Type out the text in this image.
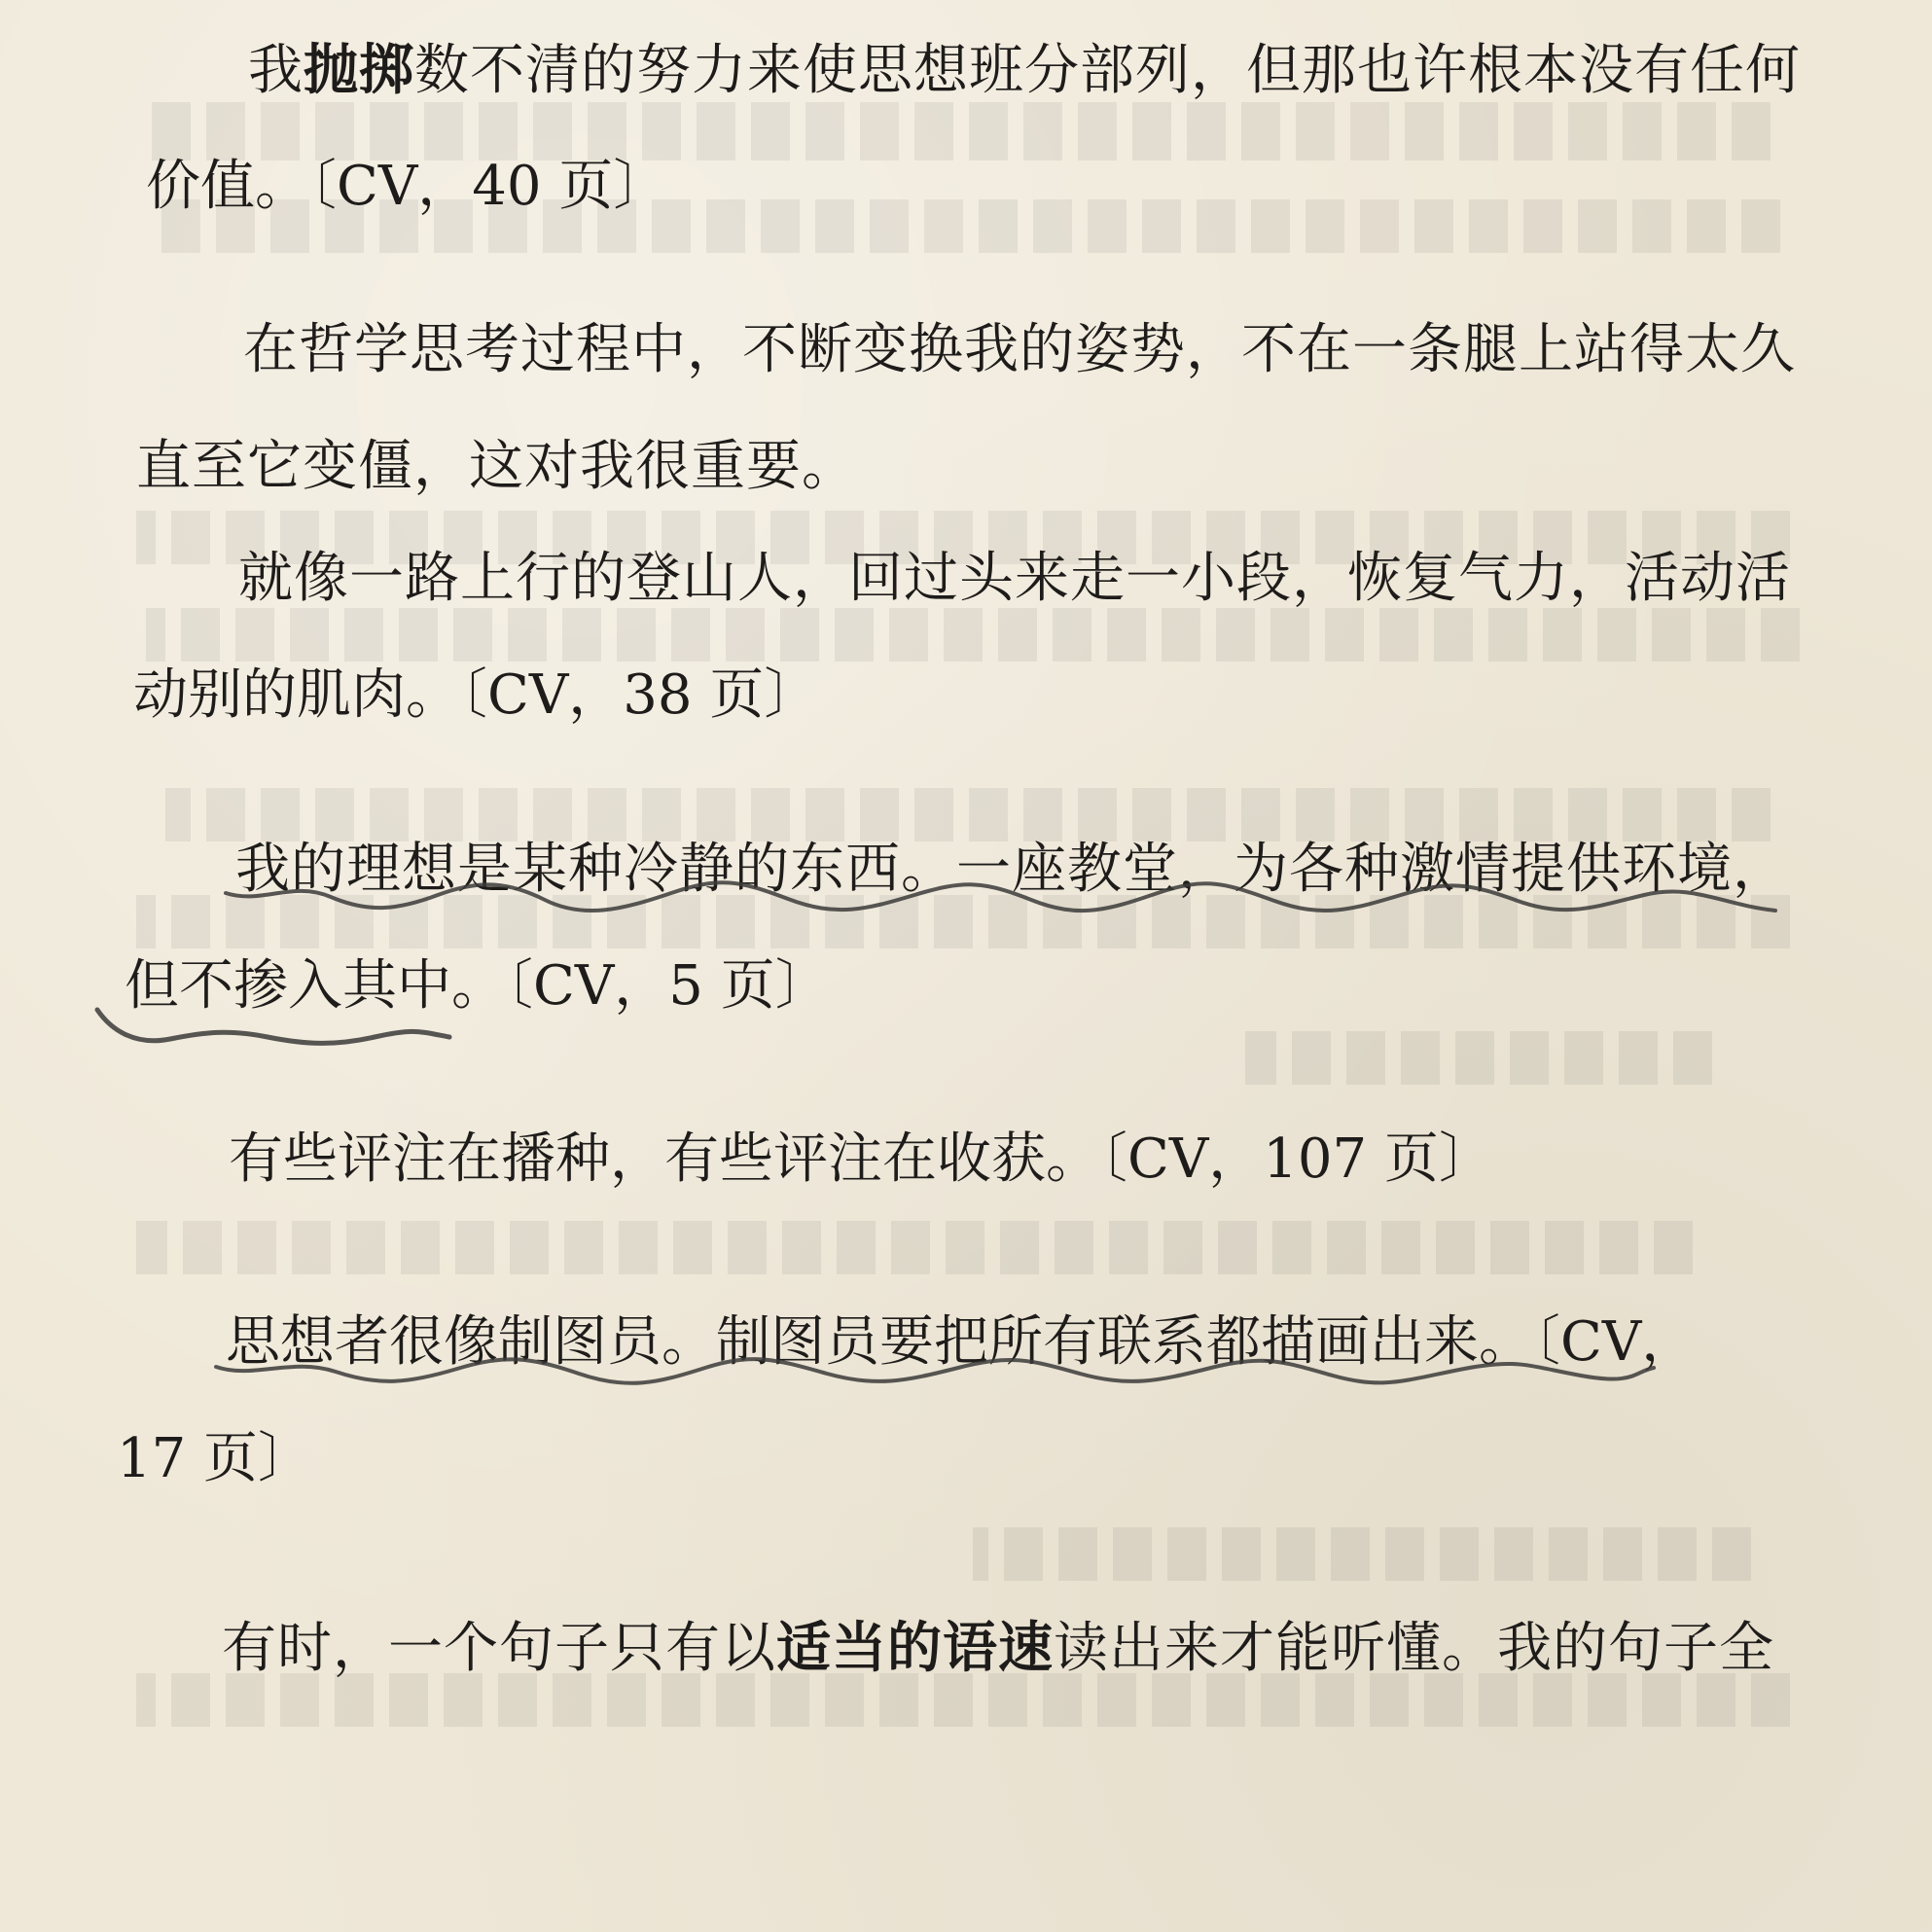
我抛掷数不清的努力来使思想班分部列，但那也许根本没有任何
价值。〔CV，40 页〕
在哲学思考过程中，不断变换我的姿势，不在一条腿上站得太久
直至它变僵，这对我很重要。
就像一路上行的登山人，回过头来走一小段，恢复气力，活动活
动别的肌肉。〔CV，38 页〕
我的理想是某种冷静的东西。一座教堂，为各种激情提供环境，
但不掺入其中。〔CV，5 页〕
有些评注在播种，有些评注在收获。〔CV，107 页〕
思想者很像制图员。制图员要把所有联系都描画出来。〔CV，
17 页〕
有时，一个句子只有以适当的语速读出来才能听懂。我的句子全
